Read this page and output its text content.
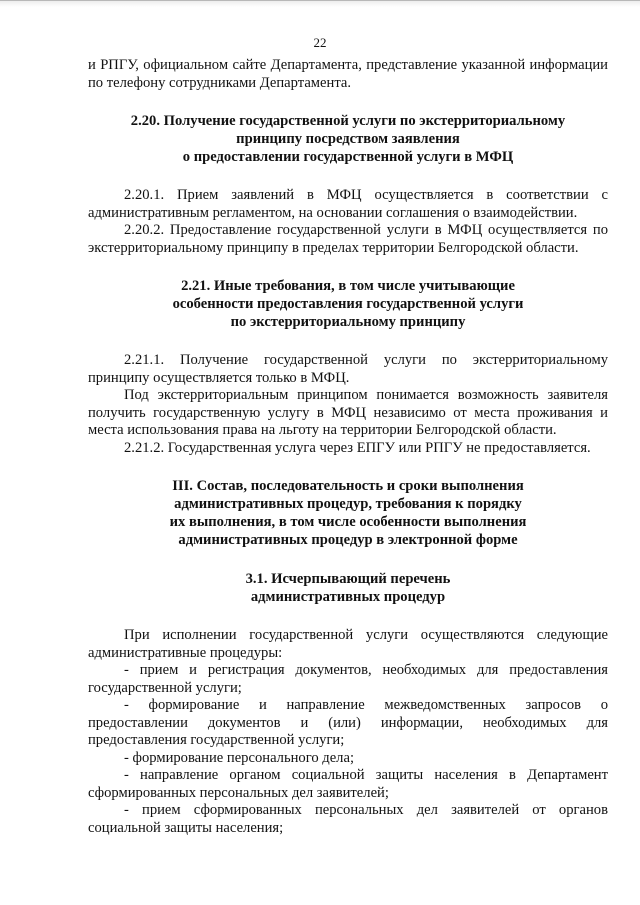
22

и РПГУ, официальном сайте Департамента, представление указанной информации по телефону сотрудниками Департамента.

2.20. Получение государственной услуги по экстерриториальному
принципу посредством заявления
о предоставлении государственной услуги в МФЦ

2.20.1. Прием заявлений в МФЦ осуществляется в соответствии с административным регламентом, на основании соглашения о взаимодействии.

2.20.2. Предоставление государственной услуги в МФЦ осуществляется по экстерриториальному принципу в пределах территории Белгородской области.

2.21. Иные требования, в том числе учитывающие
особенности предоставления государственной услуги
по экстерриториальному принципу

2.21.1. Получение государственной услуги по экстерриториальному принципу осуществляется только в МФЦ.

Под экстерриториальным принципом понимается возможность заявителя получить государственную услугу в МФЦ независимо от места проживания и места использования права на льготу на территории Белгородской области.

2.21.2. Государственная услуга через ЕПГУ или РПГУ не предоставляется.

III. Состав, последовательность и сроки выполнения
административных процедур, требования к порядку
их выполнения, в том числе особенности выполнения
административных процедур в электронной форме
3.1. Исчерпывающий перечень
административных процедур

При исполнении государственной услуги осуществляются следующие административные процедуры:

- прием и регистрация документов, необходимых для предоставления государственной услуги;

- формирование и направление межведомственных запросов о предоставлении документов и (или) информации, необходимых для предоставления государственной услуги;

- формирование персонального дела;

- направление органом социальной защиты населения в Департамент сформированных персональных дел заявителей;

- прием сформированных персональных дел заявителей от органов социальной защиты населения;
